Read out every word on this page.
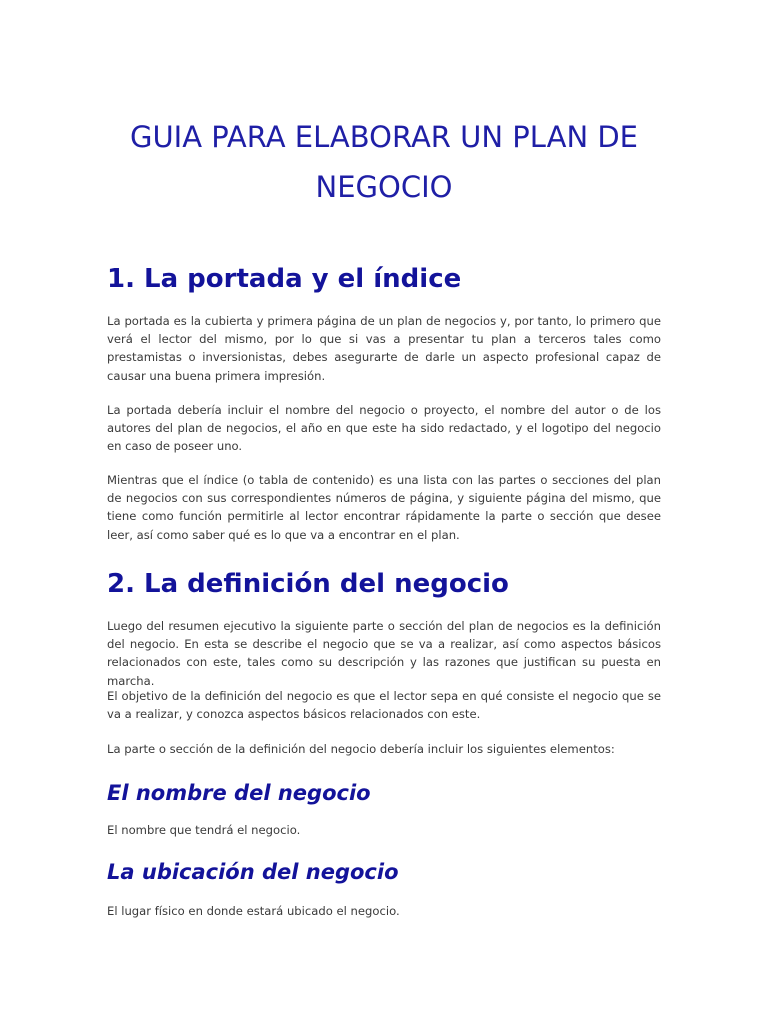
GUIA PARA ELABORAR UN PLAN DE NEGOCIO
1. La portada y el índice

La portada es la cubierta y primera página de un plan de negocios y, por tanto, lo primero que verá el lector del mismo, por lo que si vas a presentar tu plan a terceros tales como prestamistas o inversionistas, debes asegurarte de darle un aspecto profesional capaz de causar una buena primera impresión.

La portada debería incluir el nombre del negocio o proyecto, el nombre del autor o de los autores del plan de negocios, el año en que este ha sido redactado, y el logotipo del negocio en caso de poseer uno.

Mientras que el índice (o tabla de contenido) es una lista con las partes o secciones del plan de negocios con sus correspondientes números de página, y siguiente página del mismo, que tiene como función permitirle al lector encontrar rápidamente la parte o sección que desee leer, así como saber qué es lo que va a encontrar en el plan.

2. La definición del negocio

Luego del resumen ejecutivo la siguiente parte o sección del plan de negocios es la definición del negocio. En esta se describe el negocio que se va a realizar, así como aspectos básicos relacionados con este, tales como su descripción y las razones que justifican su puesta en marcha.

El objetivo de la definición del negocio es que el lector sepa en qué consiste el negocio que se va a realizar, y conozca aspectos básicos relacionados con este.

La parte o sección de la definición del negocio debería incluir los siguientes elementos:

El nombre del negocio

El nombre que tendrá el negocio.

La ubicación del negocio

El lugar físico en donde estará ubicado el negocio.
